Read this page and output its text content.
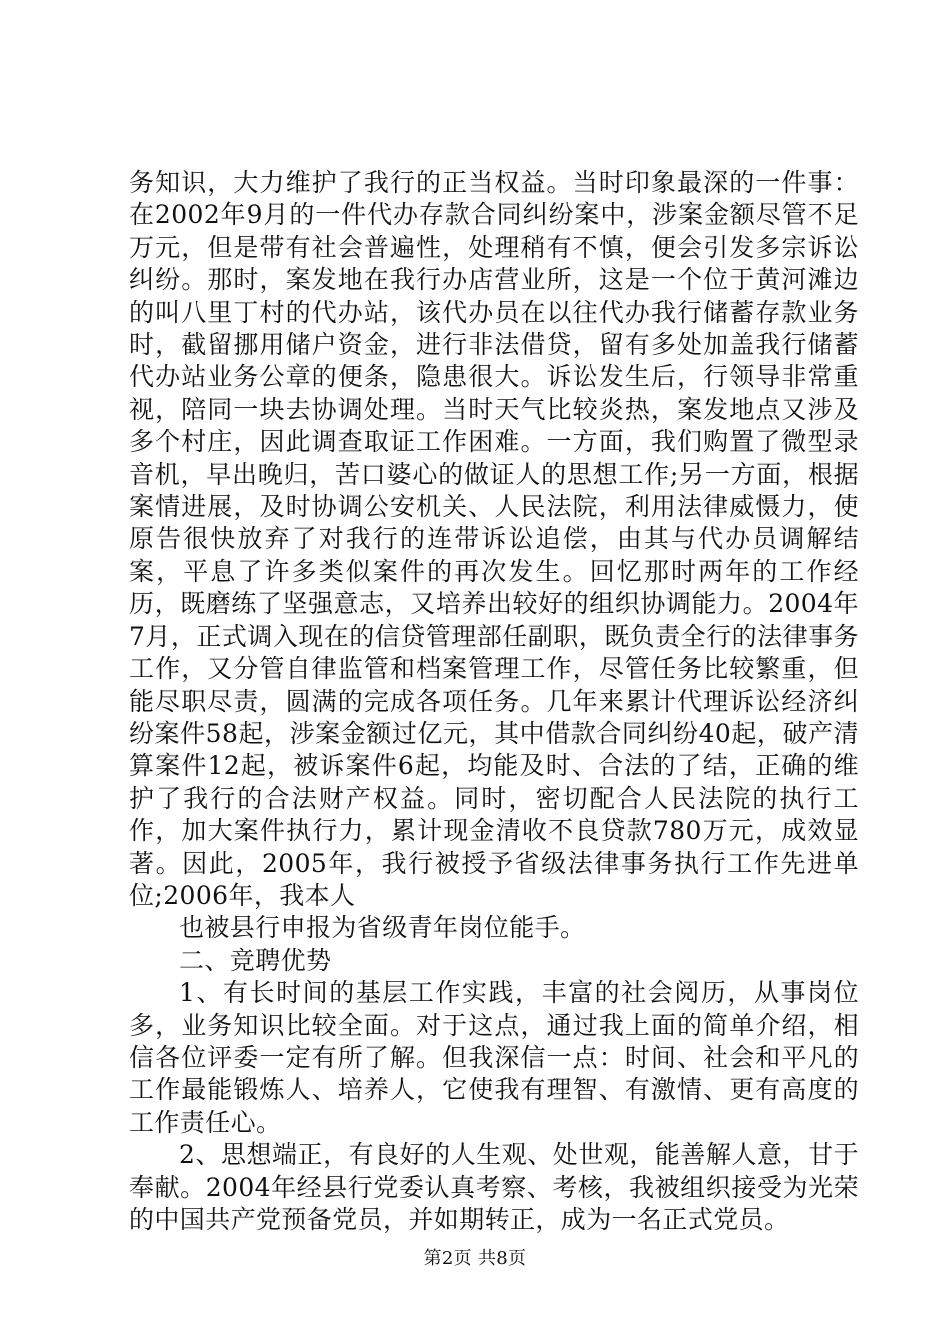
务知识，大力维护了我行的正当权益。当时印象最深的一件事：在2002年9月的一件代办存款合同纠纷案中，涉案金额尽管不足万元，但是带有社会普遍性，处理稍有不慎，便会引发多宗诉讼纠纷。那时，案发地在我行办店营业所，这是一个位于黄河滩边的叫八里丁村的代办站，该代办员在以往代办我行储蓄存款业务时，截留挪用储户资金，进行非法借贷，留有多处加盖我行储蓄代办站业务公章的便条，隐患很大。诉讼发生后，行领导非常重视，陪同一块去协调处理。当时天气比较炎热，案发地点又涉及多个村庄，因此调查取证工作困难。一方面，我们购置了微型录音机，早出晚归，苦口婆心的做证人的思想工作;另一方面，根据案情进展，及时协调公安机关、人民法院，利用法律威慑力，使原告很快放弃了对我行的连带诉讼追偿，由其与代办员调解结案，平息了许多类似案件的再次发生。回忆那时两年的工作经历，既磨练了坚强意志，又培养出较好的组织协调能力。2004年7月，正式调入现在的信贷管理部任副职，既负责全行的法律事务工作，又分管自律监管和档案管理工作，尽管任务比较繁重，但能尽职尽责，圆满的完成各项任务。几年来累计代理诉讼经济纠纷案件58起，涉案金额过亿元，其中借款合同纠纷40起，破产清算案件12起，被诉案件6起，均能及时、合法的了结，正确的维护了我行的合法财产权益。同时，密切配合人民法院的执行工作，加大案件执行力，累计现金清收不良贷款780万元，成效显著。因此，2005年，我行被授予省级法律事务执行工作先进单位;2006年，我本人

也被县行申报为省级青年岗位能手。

二、竞聘优势

1、有长时间的基层工作实践，丰富的社会阅历，从事岗位多，业务知识比较全面。对于这点，通过我上面的简单介绍，相信各位评委一定有所了解。但我深信一点：时间、社会和平凡的工作最能锻炼人、培养人，它使我有理智、有激情、更有高度的工作责任心。

2、思想端正，有良好的人生观、处世观，能善解人意，甘于奉献。2004年经县行党委认真考察、考核，我被组织接受为光荣的中国共产党预备党员，并如期转正，成为一名正式党员。

第2页 共8页
